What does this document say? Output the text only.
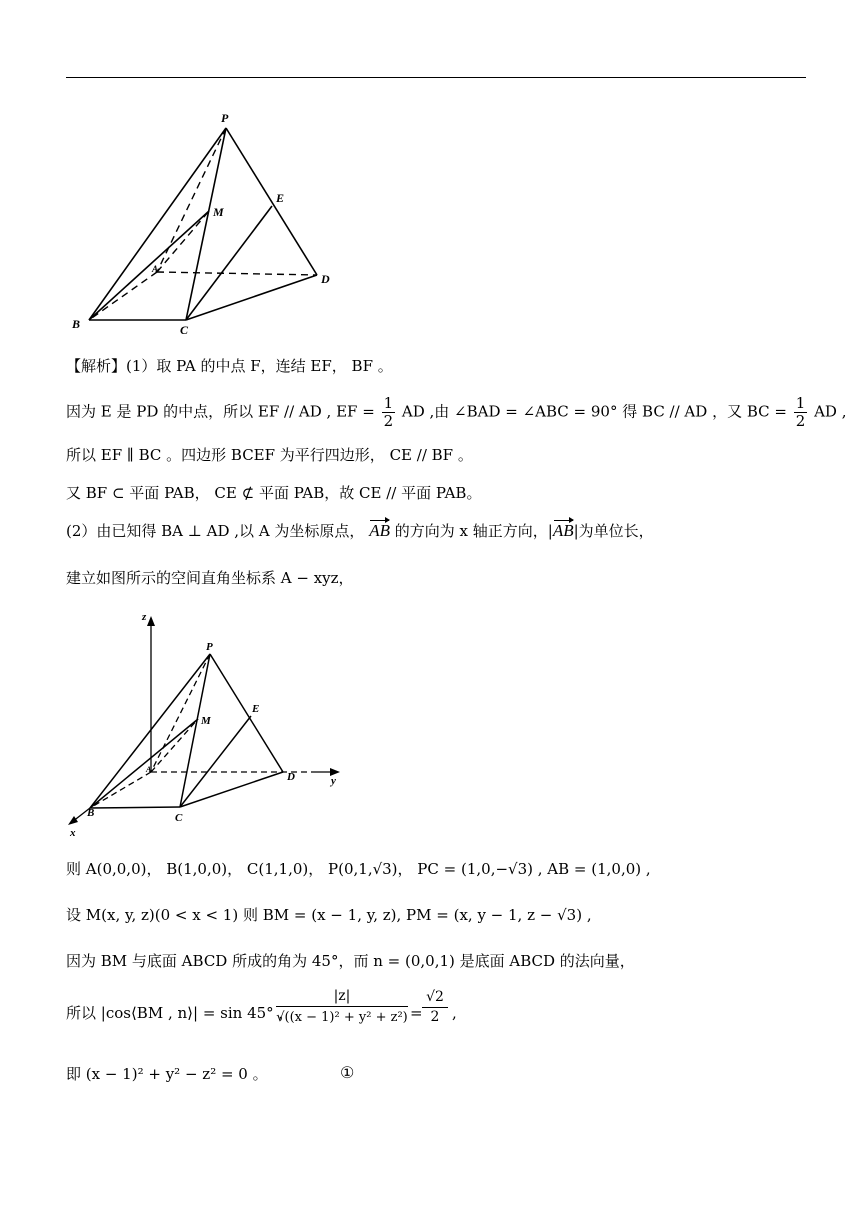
P
M
E
D
B	C
A
【解析】(1）取 PA 的中点 F，连结 EF， BF 。
因为 E 是 PD 的中点，所以 EF // AD , EF = $\frac{1}{2}$ AD ,由 ∠BAD = ∠ABC = 90° 得 BC // AD ，又 BC = $\frac{1}{2}$ AD ,
所以 EF ∥ BC 。四边形 BCEF 为平行四边形， CE // BF 。
又 BF ⊂ 平面 PAB， CE ⊄ 平面 PAB，故 CE // 平面 PAB。
(2）由已知得 BA ⊥ AD ,以 A 为坐标原点， AB 的方向为 x 轴正方向，|AB|为单位长，
建立如图所示的空间直角坐标系 A − xyz，
z
P
M
E
D
B	C
A
x
y
则 A(0,0,0)， B(1,0,0)， C(1,1,0)， P(0,1,√3)， PC = (1,0,−√3) , AB = (1,0,0) ,
设 M(x, y, z)(0 < x < 1) 则 BM = (x − 1, y, z), PM = (x, y − 1, z − √3) ,
因为 BM 与底面 ABCD 所成的角为 45°，而 n = (0,0,1) 是底面 ABCD 的法向量，
所以 |cos⟨BM , n⟩| = sin 45° ，
$\frac{|z|}{\text{√((x − 1)² + y² + z²)}} = \frac{√2}{2}$ ,
即 (x − 1)² + y² − z² = 0 。	①
